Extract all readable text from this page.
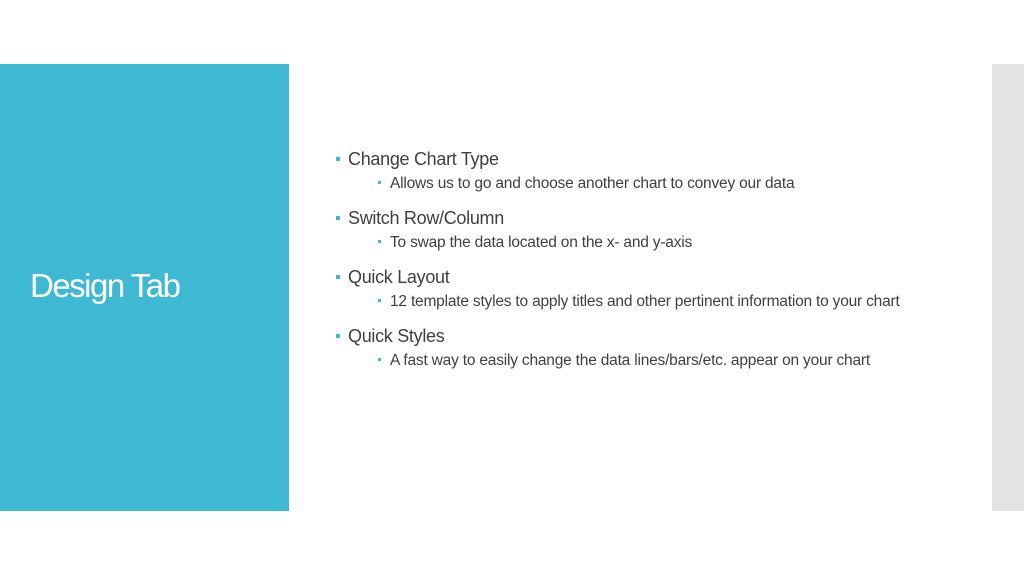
Design Tab
Change Chart Type
Allows us to go and choose another chart to convey our data
Switch Row/Column
To swap the data located on the x- and y-axis
Quick Layout
12 template styles to apply titles and other pertinent information to your chart
Quick Styles
A fast way to easily change the data lines/bars/etc. appear on your chart
